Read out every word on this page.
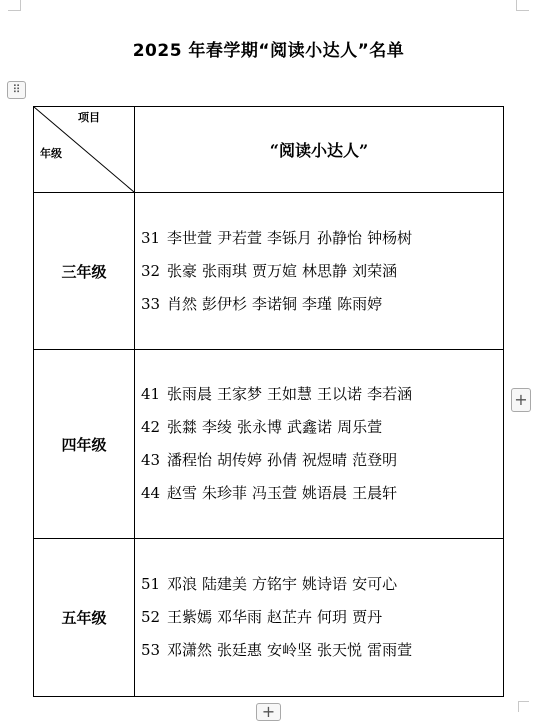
2025 年春学期“阅读小达人”名单
⠿
项目
年级	“阅读小达人”
三年级	31 李世萱 尹若萱 李铄月 孙静怡 钟杨树
32 张豪 张雨琪 贾万媗 林思静 刘荣涵
33 肖然 彭伊杉 李诺铜 李瑾 陈雨婷

四年级	41 张雨晨 王家梦 王如慧 王以诺 李若涵
42 张㵘 李绫 张永博 武鑫诺 周乐萱
43 潘程怡 胡传婷 孙倩 祝煜晴 范登明
44 赵雪 朱珍菲 冯玉萱 姚语晨 王晨轩

五年级	51 邓浪 陆建美 方铭宇 姚诗语 安可心
52 王紫嫣 邓华雨 赵芷卉 何玥 贾丹
53 邓潇然 张廷惠 安岭坚 张天悦 雷雨萱
+
+
